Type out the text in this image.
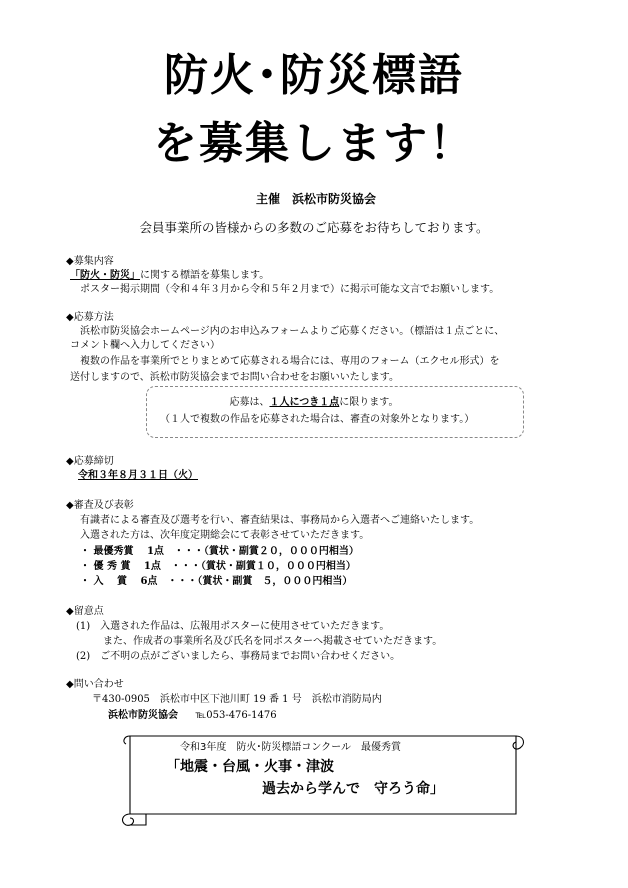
防火･防災標語
を募集します！
主催　浜松市防災協会
会員事業所の皆様からの多数のご応募をお待ちしております。
◆募集内容
「防火・防災」に関する標語を募集します。
ポスター掲示期間（令和４年３月から令和５年２月まで）に掲示可能な文言でお願いします。
◆応募方法
浜松市防災協会ホームページ内のお申込みフォームよりご応募ください。（標語は１点ごとに、
コメント欄へ入力してください）
複数の作品を事業所でとりまとめて応募される場合には、専用のフォーム（エクセル形式）を
送付しますので、浜松市防災協会までお問い合わせをお願いいたします。
応募は、１人につき１点に限ります。
（１人で複数の作品を応募された場合は、審査の対象外となります。）
◆応募締切
令和３年８月３１日（火）
◆審査及び表彰
有識者による審査及び選考を行い、審査結果は、事務局から入選者へご連絡いたします。
入選された方は、次年度定期総会にて表彰させていただきます。
・ 最優秀賞　 1点　・・・（賞状・副賞２０，０００円相当）
・ 優 秀 賞　 1点　・・・（賞状・副賞１０，０００円相当）
・ 入　 賞　 6点　・・・（賞状・副賞　５，０００円相当）
◆留意点
(1)　入選された作品は、広報用ポスターに使用させていただきます。
また、作成者の事業所名及び氏名を同ポスターへ掲載させていただきます。
(2)　ご不明の点がございましたら、事務局までお問い合わせください。
◆問い合わせ
〒430-0905　浜松市中区下池川町 19 番 1 号　浜松市消防局内
浜松市防災協会 ℡053-476-1476
令和3年度　防火･防災標語コンクール　最優秀賞
「地震・台風・火事・津波
過去から学んで　守ろう命」
